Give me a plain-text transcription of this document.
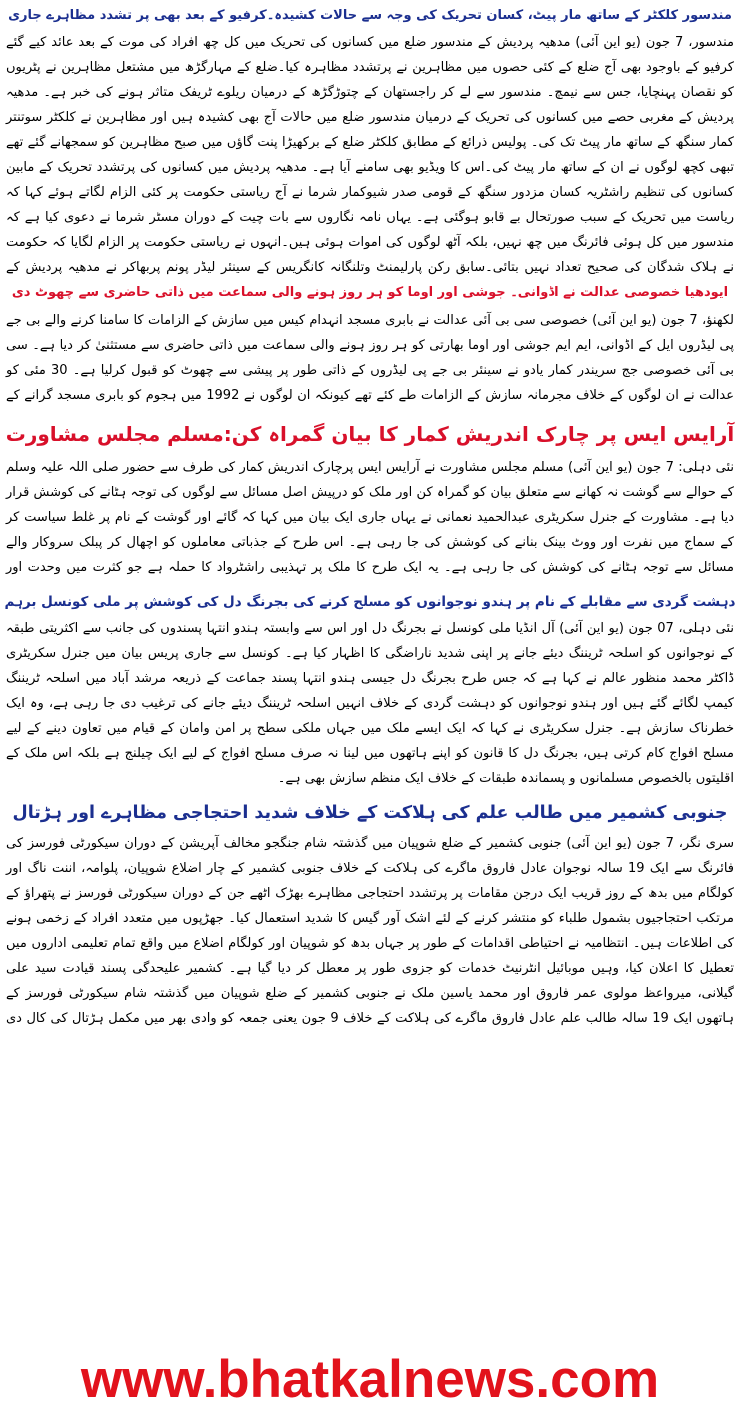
مندسور کلکٹر کے ساتھ مار پیٹ، کسان تحریک کی وجہ سے حالات کشیدہ۔کرفیو کے بعد بھی پر تشدد مظاہرے جاری

مندسور، 7 جون (یو این آئی) مدھیہ پردیش کے مندسور ضلع میں کسانوں کی تحریک میں کل چھ افراد کی موت کے بعد عائد کیے گئے کرفیو کے باوجود بھی آج ضلع کے کئی حصوں میں مظاہرین نے پرتشدد مظاہرہ کیا۔ضلع کے مہارگڑھ میں مشتعل مظاہرین نے پٹریوں کو نقصان پہنچایا، جس سے نیمچ۔ مندسور سے لے کر راجستھان کے چتوڑگڑھ کے درمیان ریلوے ٹریفک متاثر ہونے کی خبر ہے۔ مدھیہ پردیش کے مغربی حصے میں کسانوں کی تحریک کے درمیان مندسور ضلع میں حالات آج بھی کشیدہ ہیں اور مظاہرین نے کلکٹر سوتنتر کمار سنگھ کے ساتھ مار پیٹ تک کی۔ پولیس ذرائع کے مطابق کلکٹر ضلع کے برکھیڑا پنت گاؤں میں صبح مظاہرین کو سمجھانے گئے تھے تبھی کچھ لوگوں نے ان کے ساتھ مار پیٹ کی۔اس کا ویڈیو بھی سامنے آیا ہے۔ مدھیہ پردیش میں کسانوں کی پرتشدد تحریک کے مابین کسانوں کی تنظیم راشٹریہ کسان مزدور سنگھ کے قومی صدر شیوکمار شرما نے آج ریاستی حکومت پر کئی الزام لگاتے ہوئے کہا کہ ریاست میں تحریک کے سبب صورتحال بے قابو ہوگئی ہے۔ یہاں نامہ نگاروں سے بات چیت کے دوران مسٹر شرما نے دعوی کیا ہے کہ مندسور میں کل ہوئی فائرنگ میں چھ نہیں، بلکہ آٹھ لوگوں کی اموات ہوئی ہیں۔انہوں نے ریاستی حکومت پر الزام لگایا کہ حکومت نے ہلاک شدگان کی صحیح تعداد نہیں بتائی۔سابق رکن پارلیمنٹ وتلنگانہ کانگریس کے سینئر لیڈر پونم پربھاکر نے مدھیہ پردیش کے

ایودھیا خصوصی عدالت نے اڈوانی۔ جوشی اور اوما کو ہر روز ہونے والی سماعت میں ذاتی حاضری سے چھوٹ دی

لکھنؤ، 7 جون (یو این آئی) خصوصی سی بی آئی عدالت نے بابری مسجد انہدام کیس میں سازش کے الزامات کا سامنا کرنے والے بی جے پی لیڈروں ایل کے اڈوانی، ایم ایم جوشی اور اوما بھارتی کو ہر روز ہونے والی سماعت میں ذاتی حاضری سے مستثنیٰ کر دیا ہے۔ سی بی آئی خصوصی جج سریندر کمار یادو نے سینئر بی جے پی لیڈروں کے ذاتی طور پر پیشی سے چھوٹ کو قبول کرلیا ہے۔ 30 مئی کو عدالت نے ان لوگوں کے خلاف مجرمانہ سازش کے الزامات طے کئے تھے کیونکہ ان لوگوں نے 1992 میں ہجوم کو بابری مسجد گرانے کے

آرایس ایس پر چارک اندریش کمار کا بیان گمراہ کن:مسلم مجلس مشاورت

نئی دہلی: 7 جون (یو این آئی) مسلم مجلس مشاورت نے آرایس ایس پرچارک اندریش کمار کی طرف سے حضور صلی اللہ علیہ وسلم کے حوالے سے گوشت نہ کھانے سے متعلق بیان کو گمراہ کن اور ملک کو درپیش اصل مسائل سے لوگوں کی توجہ ہٹانے کی کوشش قرار دیا ہے۔ مشاورت کے جنرل سکریٹری عبدالحمید نعمانی نے یہاں جاری ایک بیان میں کہا کہ گائے اور گوشت کے نام پر غلط سیاست کر کے سماج میں نفرت اور ووٹ بینک بنانے کی کوشش کی جا رہی ہے۔ اس طرح کے جذباتی معاملوں کو اچھال کر پبلک سروکار والے مسائل سے توجہ ہٹانے کی کوشش کی جا رہی ہے۔ یہ ایک طرح کا ملک پر تہذیبی راشٹرواد کا حملہ ہے جو کثرت میں وحدت اور

دہشت گردی سے مقابلے کے نام پر ہندو نوجوانوں کو مسلح کرنے کی بجرنگ دل کی کوشش پر ملی کونسل برہم

نئی دہلی، 07 جون (یو این آئی) آل انڈیا ملی کونسل نے بجرنگ دل اور اس سے وابستہ ہندو انتہا پسندوں کی جانب سے اکثریتی طبقہ کے نوجوانوں کو اسلحہ ٹریننگ دیئے جانے پر اپنی شدید ناراضگی کا اظہار کیا ہے۔ کونسل سے جاری پریس بیان میں جنرل سکریٹری ڈاکٹر محمد منظور عالم نے کہا ہے کہ جس طرح بجرنگ دل جیسی ہندو انتہا پسند جماعت کے ذریعہ مرشد آباد میں اسلحہ ٹریننگ کیمپ لگائے گئے ہیں اور ہندو نوجوانوں کو دہشت گردی کے خلاف انہیں اسلحہ ٹریننگ دیئے جانے کی ترغیب دی جا رہی ہے، وہ ایک خطرناک سازش ہے۔ جنرل سکریٹری نے کہا کہ ایک ایسے ملک میں جہاں ملکی سطح پر امن وامان کے قیام میں تعاون دینے کے لیے مسلح افواج کام کرتی ہیں، بجرنگ دل کا قانون کو اپنے ہاتھوں میں لینا نہ صرف مسلح افواج کے لیے ایک چیلنج ہے بلکہ اس ملک کے اقلیتوں بالخصوص مسلمانوں و پسماندہ طبقات کے خلاف ایک منظم سازش بھی ہے۔

جنوبی کشمیر میں طالب علم کی ہلاکت کے خلاف شدید احتجاجی مظاہرے اور ہڑتال

سری نگر، 7 جون (یو این آئی) جنوبی کشمیر کے ضلع شوپیان میں گذشتہ شام جنگجو مخالف آپریشن کے دوران سیکورٹی فورسز کی فائرنگ سے ایک 19 سالہ نوجوان عادل فاروق ماگرے کی ہلاکت کے خلاف جنوبی کشمیر کے چار اضلاع شوپیان، پلوامہ، اننت ناگ اور کولگام میں بدھ کے روز قریب ایک درجن مقامات پر پرتشدد احتجاجی مظاہرے بھڑک اٹھے جن کے دوران سیکورٹی فورسز نے پتھراؤ کے مرتکب احتجاجیوں بشمول طلباء کو منتشر کرنے کے لئے اشک آور گیس کا شدید استعمال کیا۔ جھڑپوں میں متعدد افراد کے زخمی ہونے کی اطلاعات ہیں۔ انتظامیہ نے احتیاطی اقدامات کے طور پر جہاں بدھ کو شوپیان اور کولگام اضلاع میں واقع تمام تعلیمی اداروں میں تعطیل کا اعلان کیا، وہیں موبائیل انٹرنیٹ خدمات کو جزوی طور پر معطل کر دیا گیا ہے۔ کشمیر علیحدگی پسند قیادت سید علی گیلانی، میرواعظ مولوی عمر فاروق اور محمد یاسین ملک نے جنوبی کشمیر کے ضلع شوپیان میں گذشتہ شام سیکورٹی فورسز کے ہاتھوں ایک 19 سالہ طالب علم عادل فاروق ماگرے کی ہلاکت کے خلاف 9 جون یعنی جمعہ کو وادی بھر میں مکمل ہڑتال کی کال دی

www.bhatkalnews.com
